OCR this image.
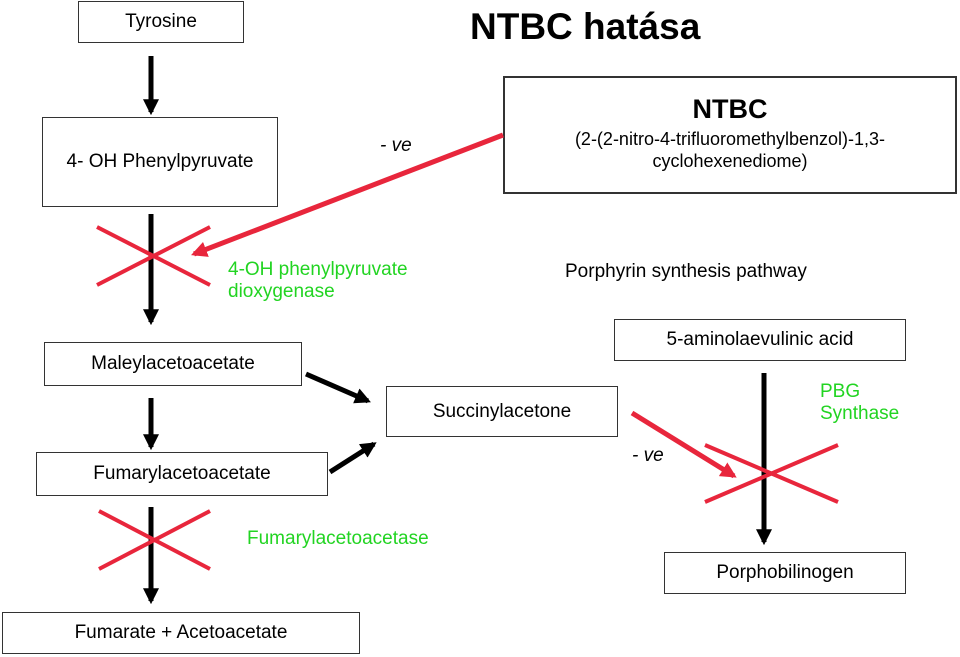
NTBC hatása
Tyrosine
4- OH Phenylpyruvate
Maleylacetoacetate
Fumarylacetoacetate
Fumarate + Acetoacetate
Succinylacetone
5-aminolaevulinic acid
Porphobilinogen
NTBC
(2-(2-nitro-4-trifluoromethylbenzol)-1,3-
cyclohexenediome)
4-OH phenylpyruvate
dioxygenase
Fumarylacetoacetase
PBG
Synthase
- ve
- ve
Porphyrin synthesis pathway
